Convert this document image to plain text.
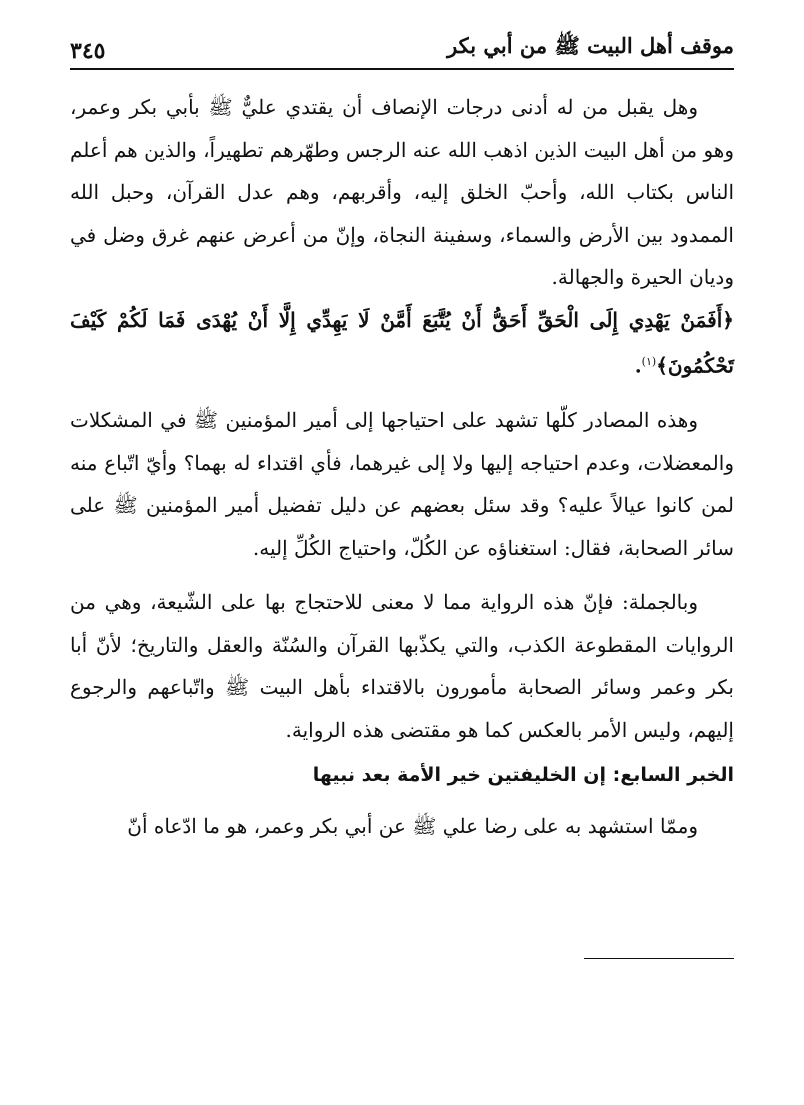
موقف أهل البيت ﷺ من أبي بكر
٣٤٥

وهل يقبل من له أدنى درجات الإنصاف أن يقتدي عليٌّ ﷺ بأبي بكر وعمر، وهو من أهل البيت الذين اذهب الله عنه الرجس وطهّرهم تطهيراً، والذين هم أعلم الناس بكتاب الله، وأحبّ الخلق إليه، وأقربهم، وهم عدل القرآن، وحبل الله الممدود بين الأرض والسماء، وسفينة النجاة، وإنّ من أعرض عنهم غرق وضل في وديان الحيرة والجهالة.

﴿أَفَمَنْ يَهْدِي إِلَى الْحَقِّ أَحَقُّ أَنْ يُتَّبَعَ أَمَّنْ لَا يَهِدِّي إِلَّا أَنْ يُهْدَى فَمَا لَكُمْ كَيْفَ تَحْكُمُونَ﴾$^{(١)}$.

وهذه المصادر كلّها تشهد على احتياجها إلى أمير المؤمنين ﷺ في المشكلات والمعضلات، وعدم احتياجه إليها ولا إلى غيرهما، فأي اقتداء له بهما؟ وأيّ اتّباع منه لمن كانوا عيالاً عليه؟ وقد سئل بعضهم عن دليل تفضيل أمير المؤمنين ﷺ على سائر الصحابة، فقال: استغناؤه عن الكُلّ، واحتياج الكُلِّ إليه.

وبالجملة: فإنّ هذه الرواية مما لا معنى للاحتجاج بها على الشّيعة، وهي من الروايات المقطوعة الكذب، والتي يكذّبها القرآن والسُنّة والعقل والتاريخ؛ لأنّ أبا بكر وعمر وسائر الصحابة مأمورون بالاقتداء بأهل البيت ﷺ واتّباعهم والرجوع إليهم، وليس الأمر بالعكس كما هو مقتضى هذه الرواية.

الخبر السابع: إن الخليفتين خير الأمة بعد نبيها

وممّا استشهد به على رضا علي ﷺ عن أبي بكر وعمر، هو ما ادّعاه أنّ
